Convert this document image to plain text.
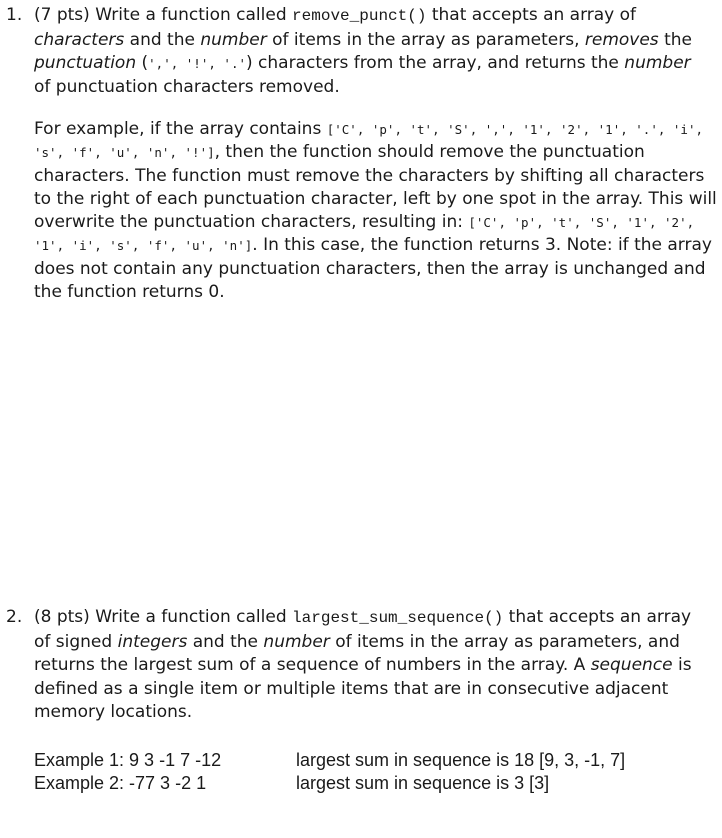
1. (7 pts) Write a function called remove_punct() that accepts an array of characters and the number of items in the array as parameters, removes the punctuation (',', '!', '.') characters from the array, and returns the number of punctuation characters removed.
For example, if the array contains ['C', 'p', 't', 'S', ',', '1', '2', '1', '.', 'i', 's', 'f', 'u', 'n', '!'], then the function should remove the punctuation characters. The function must remove the characters by shifting all characters to the right of each punctuation character, left by one spot in the array. This will overwrite the punctuation characters, resulting in: ['C', 'p', 't', 'S', '1', '2', '1', 'i', 's', 'f', 'u', 'n']. In this case, the function returns 3. Note: if the array does not contain any punctuation characters, then the array is unchanged and the function returns 0.
2. (8 pts) Write a function called largest_sum_sequence() that accepts an array of signed integers and the number of items in the array as parameters, and returns the largest sum of a sequence of numbers in the array. A sequence is defined as a single item or multiple items that are in consecutive adjacent memory locations.
Example 1: 9 3 -1 7 -12	largest sum in sequence is 18 [9, 3, -1, 7]
Example 2: -77 3 -2 1	largest sum in sequence is 3 [3]
